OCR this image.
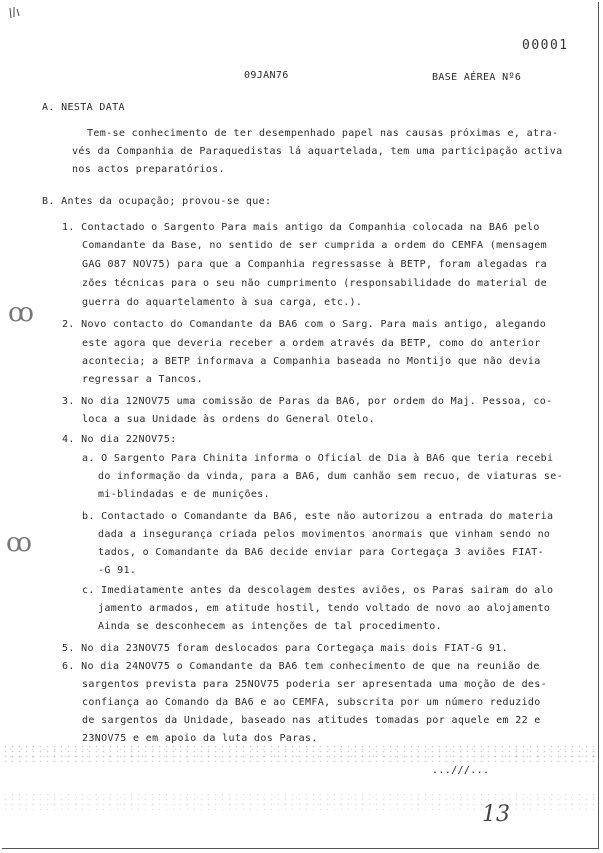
00001
09JAN76	BASE AÉREA Nº6
A. NESTA DATA
Tem-se conhecimento de ter desempenhado papel nas causas próximas e, atra-
vés da Companhia de Paraquedistas lá aquartelada, tem uma participação activa
nos actos preparatórios.
B. Antes da ocupação; provou-se que:
1. Contactado o Sargento Para mais antigo da Companhia colocada na BA6 pelo
Comandante da Base, no sentido de ser cumprida a ordem do CEMFA (mensagem
GAG 087 NOV75) para que a Companhia regressasse à BETP, foram alegadas ra
zões técnicas para o seu não cumprimento (responsabilidade do material de
guerra do aquartelamento à sua carga, etc.).
2. Novo contacto do Comandante da BA6 com o Sarg. Para mais antigo, alegando
este agora que deveria receber a ordem através da BETP, como do anterior
acontecia; a BETP informava a Companhia baseada no Montijo que não devia
regressar a Tancos.
3. No dia 12NOV75 uma comissão de Paras da BA6, por ordem do Maj. Pessoa, co-
loca a sua Unidade às ordens do General Otelo.
4. No dia 22NOV75:
a. O Sargento Para Chinita informa o Oficial de Dia à BA6 que teria recebi
do informação da vinda, para a BA6, dum canhão sem recuo, de viaturas se-
mi-blindadas e de munições.
b. Contactado o Comandante da BA6, este não autorizou a entrada do materia
dada a insegurança criada pelos movimentos anormais que vinham sendo no
tados, o Comandante da BA6 decide enviar para Cortegaça 3 aviões FIAT-
-G 91.
c. Imediatamente antes da descolagem destes aviões, os Paras sairam do alo
jamento armados, em atitude hostil, tendo voltado de novo ao alojamento
Ainda se desconhecem as intenções de tal procedimento.
5. No dia 23NOV75 foram deslocados para Cortegaça mais dois FIAT-G 91.
6. No dia 24NOV75 o Comandante da BA6 tem conhecimento de que na reunião de
sargentos prevista para 25NOV75 poderia ser apresentada uma moção de des-
confiança ao Comando da BA6 e ao CEMFA, subscrita por um número reduzido
de sargentos da Unidade, baseado nas atitudes tomadas por aquele em 22 e
23NOV75 e em apoio da luta dos Paras.
...///...
ꝏ
ꝏ
13
